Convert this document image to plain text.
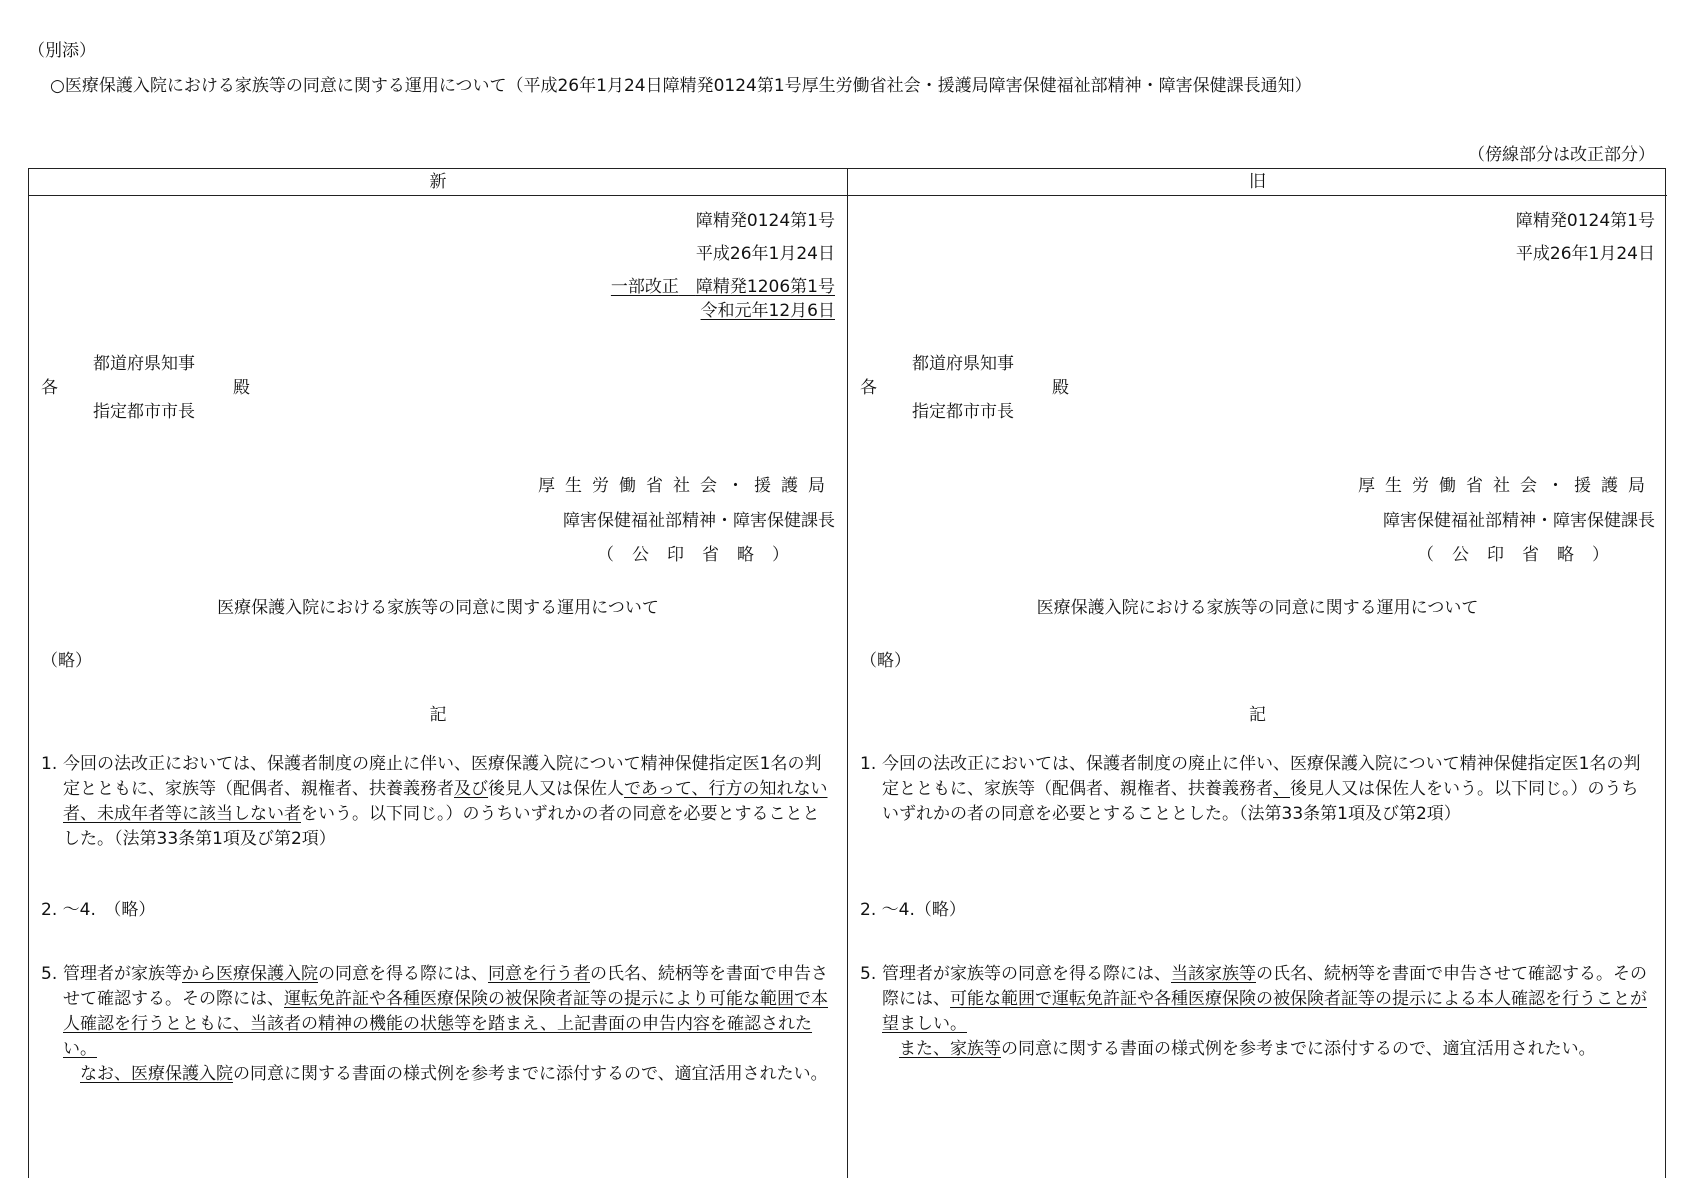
（別添）
○医療保護入院における家族等の同意に関する運用について（平成26年1月24日障精発0124第1号厚生労働省社会・援護局障害保健福祉部精神・障害保健課長通知）
（傍線部分は改正部分）
新
障精発0124第1号
平成26年1月24日
一部改正　 障精発1206第1号
令和元年12月6日
各
都道府県知事
指定都市市長
殿
厚生労働省社会・援護局
障害保健福祉部精神・障害保健課長
（公印省略）
医療保護入院における家族等の同意に関する運用について
（略）
記
1. 今回の法改正においては、保護者制度の廃止に伴い、医療保護入院について精神保健指定医1名の判定とともに、家族等（配偶者、親権者、扶養義務者及び後見人又は保佐人であって、行方の知れない者、未成年者等に該当しない者をいう。以下同じ。）のうちいずれかの者の同意を必要とすることとした。（法第33条第1項及び第2項）
2. ～4.　（略）
5. 管理者が家族等から医療保護入院の同意を得る際には、同意を行う者の氏名、続柄等を書面で申告させて確認する。その際には、運転免許証や各種医療保険の被保険者証等の提示により可能な範囲で本人確認を行うとともに、当該者の精神の機能の状態等を踏まえ、上記書面の申告内容を確認されたい。
なお、医療保護入院の同意に関する書面の様式例を参考までに添付するので、適宜活用されたい。
旧
障精発0124第1号
平成26年1月24日
各
都道府県知事
指定都市市長
殿
厚生労働省社会・援護局
障害保健福祉部精神・障害保健課長
（公印省略）
医療保護入院における家族等の同意に関する運用について
（略）
記
1. 今回の法改正においては、保護者制度の廃止に伴い、医療保護入院について精神保健指定医1名の判定とともに、家族等（配偶者、親権者、扶養義務者、後見人又は保佐人をいう。以下同じ。）のうちいずれかの者の同意を必要とすることとした。（法第33条第1項及び第2項）
2. ～4.（略）
5. 管理者が家族等の同意を得る際には、当該家族等の氏名、続柄等を書面で申告させて確認する。その際には、可能な範囲で運転免許証や各種医療保険の被保険者証等の提示による本人確認を行うことが望ましい。
また、家族等の同意に関する書面の様式例を参考までに添付するので、適宜活用されたい。
